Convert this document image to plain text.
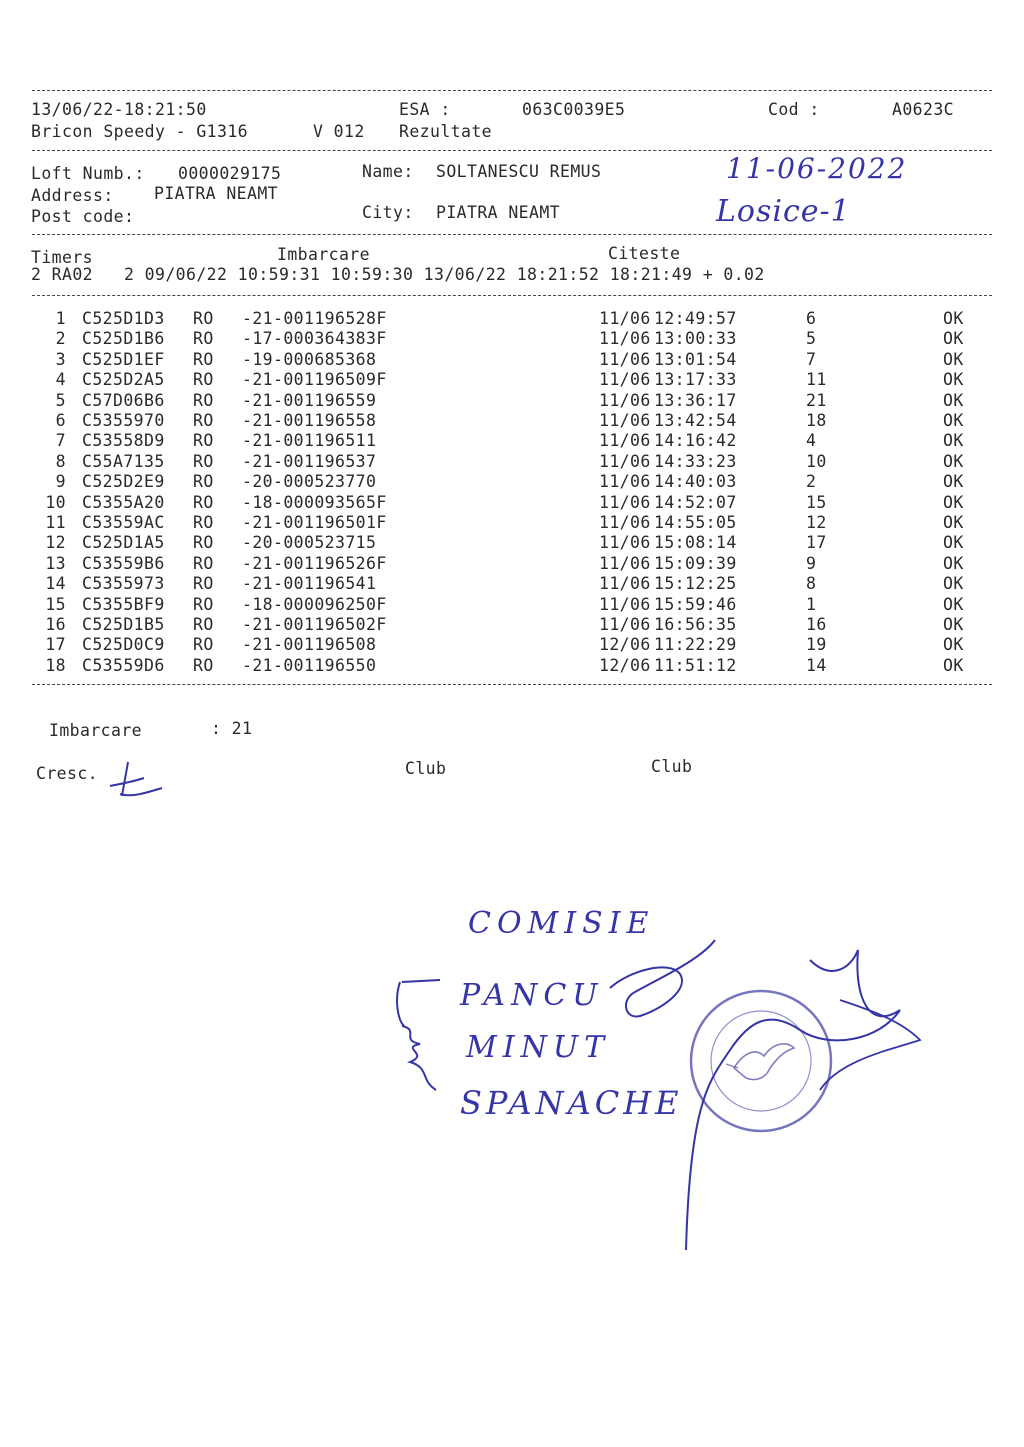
13/06/22-18:21:50	ESA :	063C0039E5	Cod :	A0623C
Bricon Speedy - G1316	V 012 Rezultate
Loft Numb.: 0000029175	Name: SOLTANESCU REMUS
Address: PIATRA NEAMT
Post code:	City: PIATRA NEAMT
11-06-2022
Losice-1
Timers	Imbarcare	Citeste
2 RA02   2 09/06/22 10:59:31 10:59:30 13/06/22 18:21:52 18:21:49 + 0.02
1 C525D1D3 RO -21-001196528F	11/06 12:49:57	6	OK
2 C525D1B6 RO -17-000364383F	11/06 13:00:33	5	OK
3 C525D1EF RO -19-000685368	11/06 13:01:54	7	OK
4 C525D2A5 RO -21-001196509F	11/06 13:17:33	11	OK
5 C57D06B6 RO -21-001196559	11/06 13:36:17	21	OK
6 C5355970 RO -21-001196558	11/06 13:42:54	18	OK
7 C53558D9 RO -21-001196511	11/06 14:16:42	4	OK
8 C55A7135 RO -21-001196537	11/06 14:33:23	10	OK
9 C525D2E9 RO -20-000523770	11/06 14:40:03	2	OK
10 C5355A20 RO -18-000093565F	11/06 14:52:07	15	OK
11 C53559AC RO -21-001196501F	11/06 14:55:05	12	OK
12 C525D1A5 RO -20-000523715	11/06 15:08:14	17	OK
13 C53559B6 RO -21-001196526F	11/06 15:09:39	9	OK
14 C5355973 RO -21-001196541	11/06 15:12:25	8	OK
15 C5355BF9 RO -18-000096250F	11/06 15:59:46	1	OK
16 C525D1B5 RO -21-001196502F	11/06 16:56:35	16	OK
17 C525D0C9 RO -21-001196508	12/06 11:22:29	19	OK
18 C53559D6 RO -21-001196550	12/06 11:51:12	14	OK
Imbarcare	: 21
Cresc.	Club	Club
COMISIE
PANCU
MINUT
SPANACHE
